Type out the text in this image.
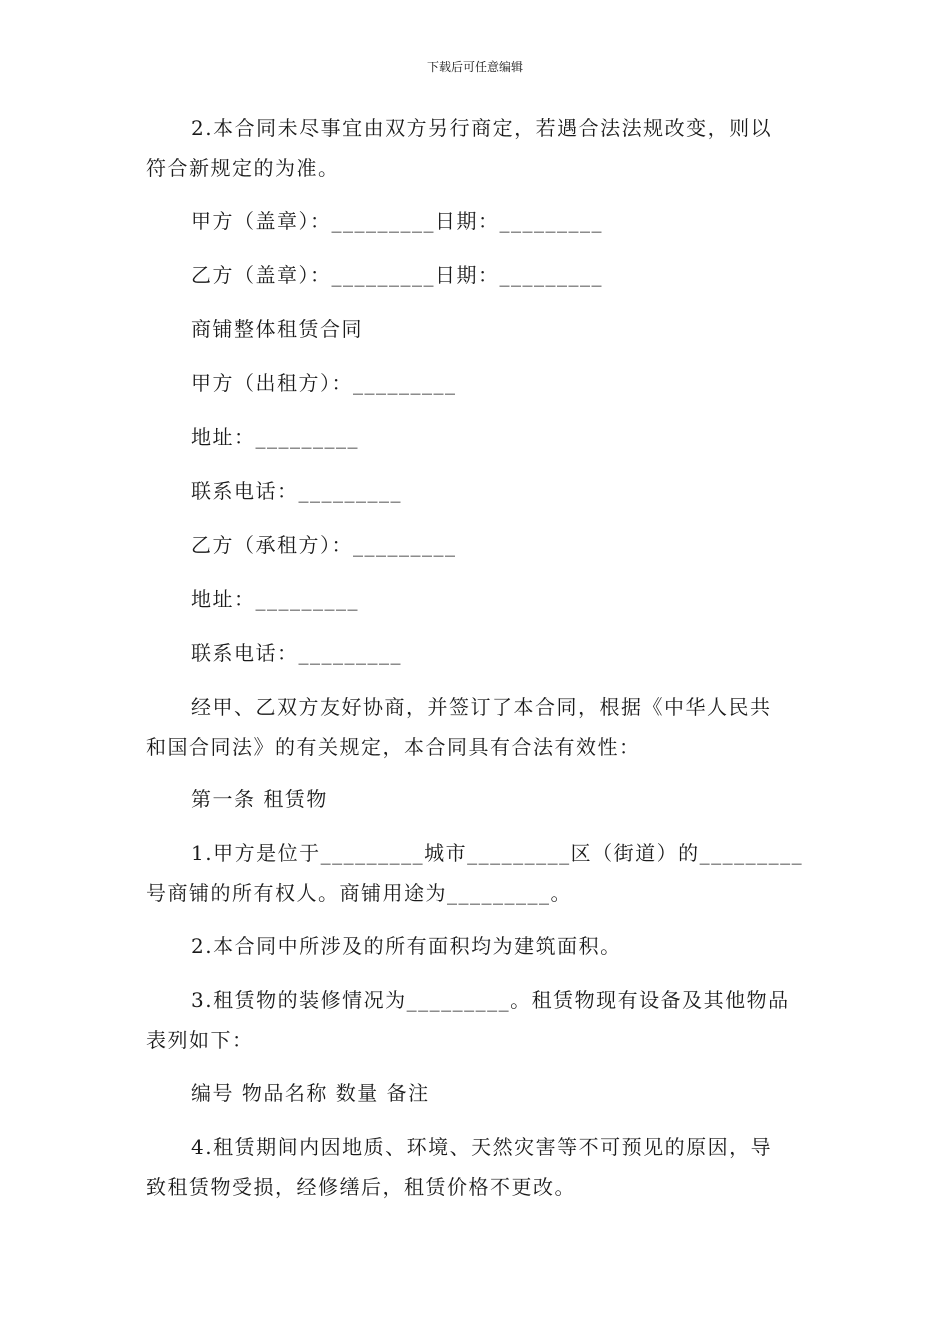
下载后可任意编辑

2.本合同未尽事宜由双方另行商定，若遇合法法规改变，则以
符合新规定的为准。

甲方（盖章）：_________日期：_________

乙方（盖章）：_________日期：_________

商铺整体租赁合同

甲方（出租方）：_________

地址：_________

联系电话：_________

乙方（承租方）：_________

地址：_________

联系电话：_________

经甲、乙双方友好协商，并签订了本合同，根据《中华人民共
和国合同法》的有关规定，本合同具有合法有效性：

第一条 租赁物

1.甲方是位于_________城市_________区（街道）的_________
号商铺的所有权人。商铺用途为_________。

2.本合同中所涉及的所有面积均为建筑面积。

3.租赁物的装修情况为_________。租赁物现有设备及其他物品
表列如下：

编号 物品名称 数量 备注

4.租赁期间内因地质、环境、天然灾害等不可预见的原因，导
致租赁物受损，经修缮后，租赁价格不更改。
